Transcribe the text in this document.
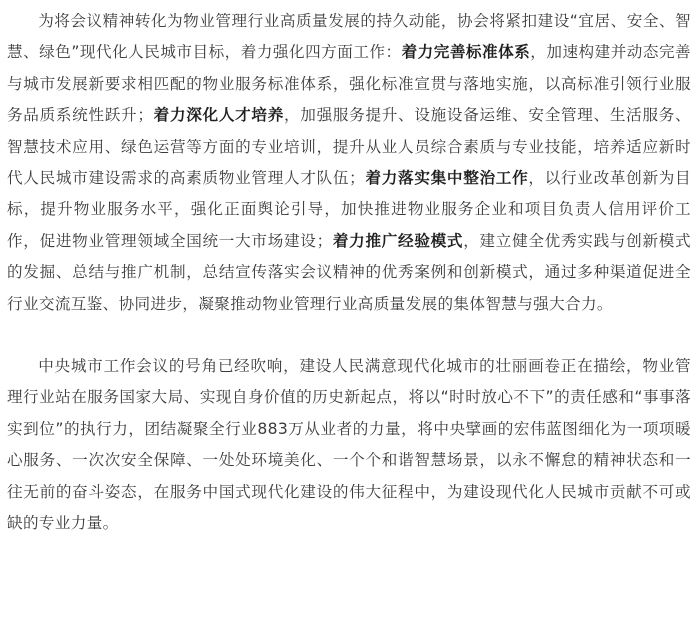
为将会议精神转化为物业管理行业高质量发展的持久动能，协会将紧扣建设“宜居、安全、智慧、绿色”现代化人民城市目标，着力强化四方面工作：着力完善标准体系，加速构建并动态完善与城市发展新要求相匹配的物业服务标准体系，强化标准宣贯与落地实施，以高标准引领行业服务品质系统性跃升；着力深化人才培养，加强服务提升、设施设备运维、安全管理、生活服务、智慧技术应用、绿色运营等方面的专业培训，提升从业人员综合素质与专业技能，培养适应新时代人民城市建设需求的高素质物业管理人才队伍；着力落实集中整治工作，以行业改革创新为目标，提升物业服务水平，强化正面舆论引导，加快推进物业服务企业和项目负责人信用评价工作，促进物业管理领域全国统一大市场建设；着力推广经验模式，建立健全优秀实践与创新模式的发掘、总结与推广机制，总结宣传落实会议精神的优秀案例和创新模式，通过多种渠道促进全行业交流互鉴、协同进步，凝聚推动物业管理行业高质量发展的集体智慧与强大合力。

中央城市工作会议的号角已经吹响，建设人民满意现代化城市的壮丽画卷正在描绘，物业管理行业站在服务国家大局、实现自身价值的历史新起点，将以“时时放心不下”的责任感和“事事落实到位”的执行力，团结凝聚全行业883万从业者的力量，将中央擘画的宏伟蓝图细化为一项项暖心服务、一次次安全保障、一处处环境美化、一个个和谐智慧场景，以永不懈怠的精神状态和一往无前的奋斗姿态，在服务中国式现代化建设的伟大征程中，为建设现代化人民城市贡献不可或缺的专业力量。
